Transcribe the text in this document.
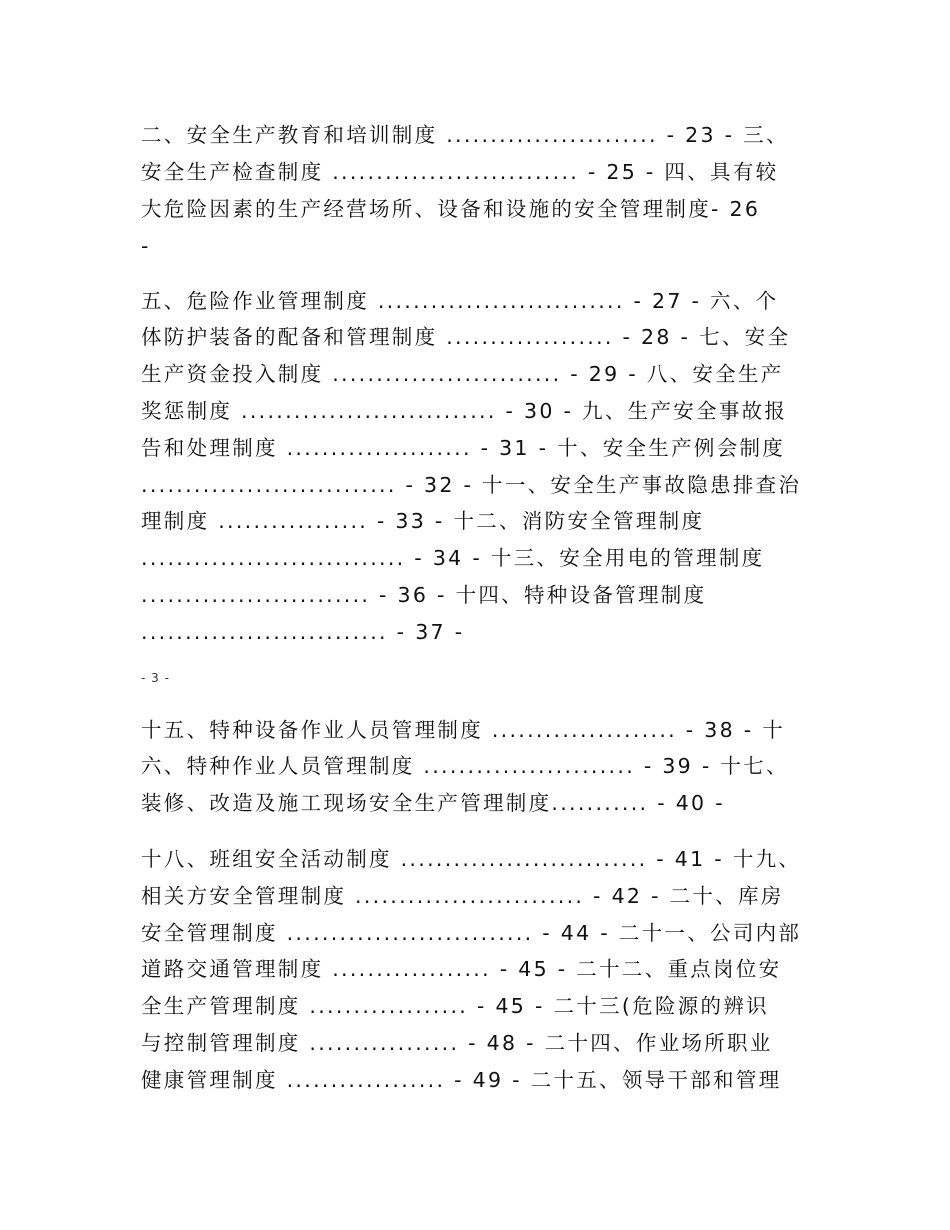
二、安全生产教育和培训制度 ........................ - 23 - 三、
安全生产检查制度 ............................ - 25 - 四、具有较
大危险因素的生产经营场所、设备和设施的安全管理制度- 26
-
五、危险作业管理制度 ............................ - 27 - 六、个
体防护装备的配备和管理制度 ................... - 28 - 七、安全
生产资金投入制度 .......................... - 29 - 八、安全生产
奖惩制度 ............................. - 30 - 九、生产安全事故报
告和处理制度 ..................... - 31 - 十、安全生产例会制度
............................. - 32 - 十一、安全生产事故隐患排查治
理制度 ................. - 33 - 十二、消防安全管理制度
.............................. - 34 - 十三、安全用电的管理制度
.......................... - 36 - 十四、特种设备管理制度
............................ - 37 -
- 3 -
十五、特种设备作业人员管理制度 ..................... - 38 - 十
六、特种作业人员管理制度 ........................ - 39 - 十七、
装修、改造及施工现场安全生产管理制度........... - 40 -
十八、班组安全活动制度 ............................ - 41 - 十九、
相关方安全管理制度 .......................... - 42 - 二十、库房
安全管理制度 ............................ - 44 - 二十一、公司内部
道路交通管理制度 .................. - 45 - 二十二、重点岗位安
全生产管理制度 .................. - 45 - 二十三(危险源的辨识
与控制管理制度 ................. - 48 - 二十四、作业场所职业
健康管理制度 .................. - 49 - 二十五、领导干部和管理
